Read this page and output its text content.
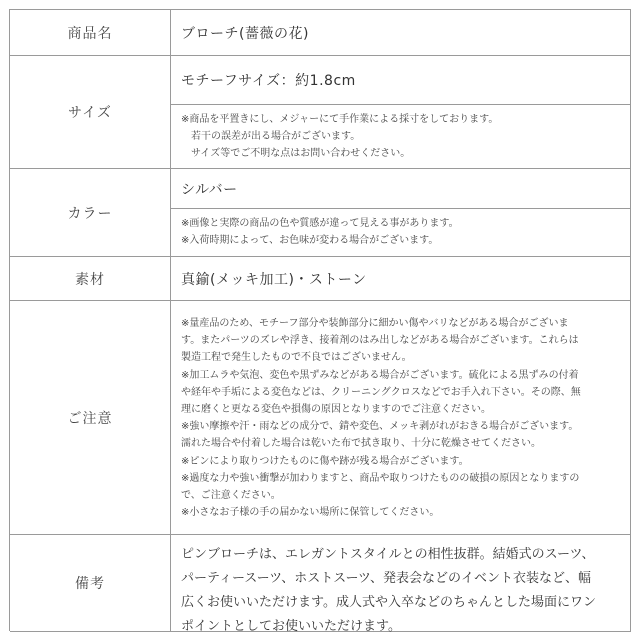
商品名	ブローチ(薔薇の花)
サイズ
モチーフサイズ：約1.8cm
※商品を平置きにし、メジャーにて手作業による採寸をしております。
若干の誤差が出る場合がございます。
サイズ等でご不明な点はお問い合わせください。
カラー
シルバー
※画像と実際の商品の色や質感が違って見える事があります。
※入荷時期によって、お色味が変わる場合がございます。
素材	真鍮(メッキ加工)・ストーン
ご注意
※量産品のため、モチーフ部分や装飾部分に細かい傷やバリなどがある場合がございま
す。またパーツのズレや浮き、接着剤のはみ出しなどがある場合がございます。これらは
製造工程で発生したもので不良ではございません。
※加工ムラや気泡、変色や黒ずみなどがある場合がございます。硫化による黒ずみの付着
や経年や手垢による変色などは、クリーニングクロスなどでお手入れ下さい。その際、無
理に磨くと更なる変色や損傷の原因となりますのでご注意ください。
※強い摩擦や汗・雨などの成分で、錆や変色、メッキ剥がれがおきる場合がございます。
濡れた場合や付着した場合は乾いた布で拭き取り、十分に乾燥させてください。
※ピンにより取りつけたものに傷や跡が残る場合がございます。
※過度な力や強い衝撃が加わりますと、商品や取りつけたものの破損の原因となりますの
で、ご注意ください。
※小さなお子様の手の届かない場所に保管してください。
備考
ピンブローチは、エレガントスタイルとの相性抜群。結婚式のスーツ、
パーティースーツ、ホストスーツ、発表会などのイベント衣装など、幅
広くお使いいただけます。成人式や入卒などのちゃんとした場面にワン
ポイントとしてお使いいただけます。
